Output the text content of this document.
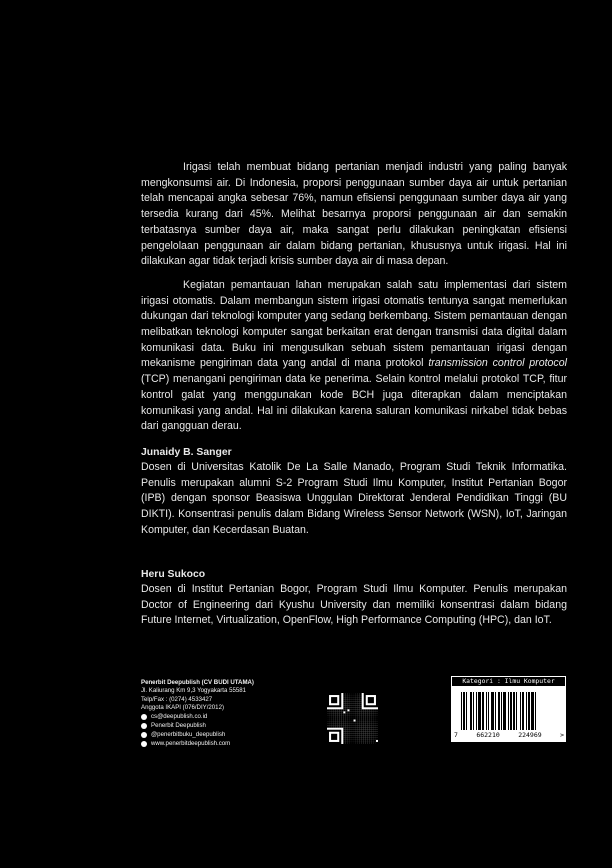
Irigasi telah membuat bidang pertanian menjadi industri yang paling banyak mengkonsumsi air. Di Indonesia, proporsi penggunaan sumber daya air untuk pertanian telah mencapai angka sebesar 76%, namun efisiensi penggunaan sumber daya air yang tersedia kurang dari 45%. Melihat besarnya proporsi penggunaan air dan semakin terbatasnya sumber daya air, maka sangat perlu dilakukan peningkatan efisiensi pengelolaan penggunaan air dalam bidang pertanian, khususnya untuk irigasi. Hal ini dilakukan agar tidak terjadi krisis sumber daya air di masa depan.

Kegiatan pemantauan lahan merupakan salah satu implementasi dari sistem irigasi otomatis. Dalam membangun sistem irigasi otomatis tentunya sangat memerlukan dukungan dari teknologi komputer yang sedang berkembang. Sistem pemantauan dengan melibatkan teknologi komputer sangat berkaitan erat dengan transmisi data digital dalam komunikasi data. Buku ini mengusulkan sebuah sistem pemantauan irigasi dengan mekanisme pengiriman data yang andal di mana protokol transmission control protocol (TCP) menangani pengiriman data ke penerima. Selain kontrol melalui protokol TCP, fitur kontrol galat yang menggunakan kode BCH juga diterapkan dalam menciptakan komunikasi yang andal. Hal ini dilakukan karena saluran komunikasi nirkabel tidak bebas dari gangguan derau.

Junaidy B. Sanger

Dosen di Universitas Katolik De La Salle Manado, Program Studi Teknik Informatika. Penulis merupakan alumni S-2 Program Studi Ilmu Komputer, Institut Pertanian Bogor (IPB) dengan sponsor Beasiswa Unggulan Direktorat Jenderal Pendidikan Tinggi (BU DIKTI). Konsentrasi penulis dalam Bidang Wireless Sensor Network (WSN), IoT, Jaringan Komputer, dan Kecerdasan Buatan.

Heru Sukoco

Dosen di Institut Pertanian Bogor, Program Studi Ilmu Komputer. Penulis merupakan Doctor of Engineering dari Kyushu University dan memiliki konsentrasi dalam bidang Future Internet, Virtualization, OpenFlow, High Performance Computing (HPC), dan IoT.

Penerbit Deepublish (CV BUDI UTAMA)
Jl. Kaliurang Km 9,3 Yogyakarta 55581
Telp/Fax : (0274) 4533427
Anggota IKAPI (076/DIY/2012)
cs@deepublish.co.id
Penerbit Deepublish
@penerbitbuku_deepublish
www.penerbitdeepublish.com
Kategori : Ilmu Komputer
7	662210	224969	>
